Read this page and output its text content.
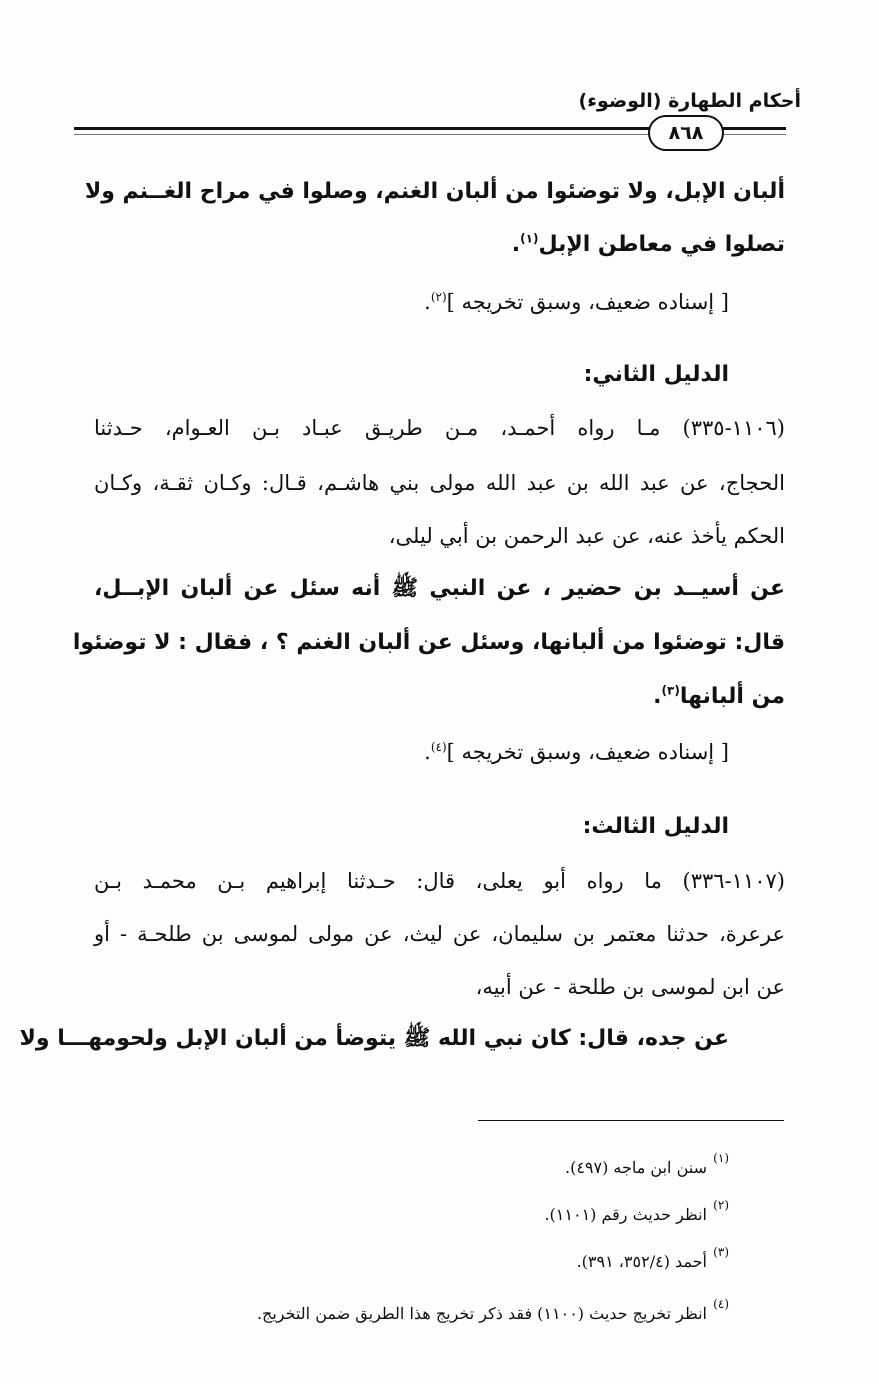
أحكام الطهارة (الوضوء)
٨٦٨
ألبان الإبل، ولا توضئوا من ألبان الغنم، وصلوا في مراح الغــنم ولا
تصلوا في معاطن الإبل$^{(١)}$.
[ إسناده ضعيف، وسبق تخريجه ]$^{(٢)}$.
الدليل الثاني:
(١١٠٦-٣٣٥) مـا رواه أحمـد، مـن طريـق عبـاد بـن العـوام، حـدثنا
الحجاج، عن عبد الله بن عبد الله مولى بني هاشـم، قـال: وكـان ثقـة، وكـان
الحكم يأخذ عنه، عن عبد الرحمن بن أبي ليلى،
عن أسيــد بن حضير ، عن النبي ﷺ أنه سئل عن ألبان الإبــل،
قال: توضئوا من ألبانها، وسئل عن ألبان الغنم ؟ ، فقال : لا توضئوا
من ألبانها$^{(٣)}$.
[ إسناده ضعيف، وسبق تخريجه ]$^{(٤)}$.
الدليل الثالث:
(١١٠٧-٣٣٦) ما رواه أبو يعلى، قال: حـدثنا إبراهيم بـن محمـد بـن
عرعرة، حدثنا معتمر بن سليمان، عن ليث، عن مولى لموسى بن طلحـة - أو
عن ابن لموسى بن طلحة - عن أبيه،
عن جده، قال: كان نبي الله ﷺ يتوضأ من ألبان الإبل ولحومهـــا ولا
(١)
سنن ابن ماجه (٤٩٧).
(٢)
انظر حديث رقم (١١٠١).
(٣)
أحمد (٣٥٢/٤، ٣٩١).
(٤)
انظر تخريج حديث (١١٠٠) فقد ذكر تخريج هذا الطريق ضمن التخريج.
